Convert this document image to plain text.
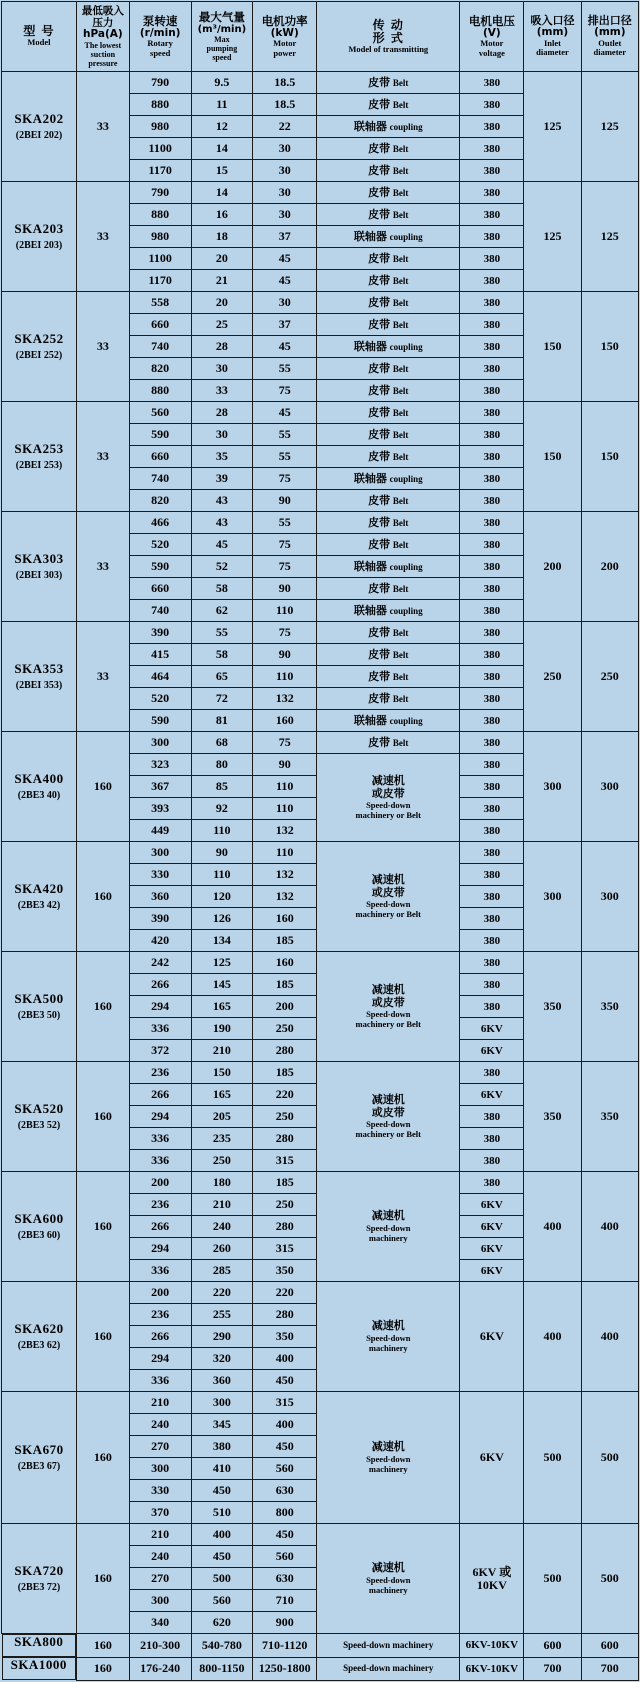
型 号
Model	最低吸入
压力hPa(A)
The lowest
suction
pressure	泵转速
(r/min)
Rotary
speed	最大气量
(m³/min)
Max
pumping
speed	电机功率
(kW)
Motor
power	传 动
形 式
Model of transmitting	电机电压
(V)
Motor
voltage	吸入口径
(mm)
Inlet
diameter	排出口径
(mm)
Outlet
diameter

SKA202
(2BEI 202)	33	790	9.5	18.5	皮带 Belt	380	125	125
		880	11	18.5	皮带 Belt	380		
		980	12	22	联轴器 coupling	380		
		1100	14	30	皮带 Belt	380		
		1170	15	30	皮带 Belt	380		

SKA203
(2BEI 203)	33	790	14	30	皮带 Belt	380	125	125
		880	16	30	皮带 Belt	380		
		980	18	37	联轴器 coupling	380		
		1100	20	45	皮带 Belt	380		
		1170	21	45	皮带 Belt	380		

SKA252
(2BEI 252)	33	558	20	30	皮带 Belt	380	150	150
		660	25	37	皮带 Belt	380		
		740	28	45	联轴器 coupling	380		
		820	30	55	皮带 Belt	380		
		880	33	75	皮带 Belt	380		

SKA253
(2BEI 253)	33	560	28	45	皮带 Belt	380	150	150
		590	30	55	皮带 Belt	380		
		660	35	55	皮带 Belt	380		
		740	39	75	联轴器 coupling	380		
		820	43	90	皮带 Belt	380		

SKA303
(2BEI 303)	33	466	43	55	皮带 Belt	380	200	200
		520	45	75	皮带 Belt	380		
		590	52	75	联轴器 coupling	380		
		660	58	90	皮带 Belt	380		
		740	62	110	联轴器 coupling	380		

SKA353
(2BEI 353)	33	390	55	75	皮带 Belt	380	250	250
		415	58	90	皮带 Belt	380		
		464	65	110	皮带 Belt	380		
		520	72	132	皮带 Belt	380		
		590	81	160	联轴器 coupling	380		

SKA400
(2BE3 40)	160	300	68	75	皮带 Belt	380	300	300
		323	80	90	减速机
或皮带
Speed-down
machinery or Belt	380		
		367	85	110		380		
		393	92	110		380		
		449	110	132		380		

SKA420
(2BE3 42)	160	300	90	110	减速机
或皮带
Speed-down
machinery or Belt	380	300	300
		330	110	132		380		
		360	120	132		380		
		390	126	160		380		
		420	134	185		380		

SKA500
(2BE3 50)	160	242	125	160	减速机
或皮带
Speed-down
machinery or Belt	380	350	350
		266	145	185		380		
		294	165	200		380		
		336	190	250		6KV		
		372	210	280		6KV		

SKA520
(2BE3 52)	160	236	150	185	减速机
或皮带
Speed-down
machinery or Belt	380	350	350
		266	165	220		6KV		
		294	205	250		380		
		336	235	280		380		
		336	250	315		380		

SKA600
(2BE3 60)	160	200	180	185	减速机
Speed-down
machinery	380	400	400
		236	210	250		6KV		
		266	240	280		6KV		
		294	260	315		6KV		
		336	285	350		6KV		

SKA620
(2BE3 62)	160	200	220	220	减速机
Speed-down
machinery	6KV	400	400
		236	255	280				
		266	290	350				
		294	320	400				
		336	360	450				

SKA670
(2BE3 67)	160	210	300	315	减速机
Speed-down
machinery	6KV	500	500
		240	345	400				
		270	380	450				
		300	410	560				
		330	450	630				
		370	510	800				

SKA720
(2BE3 72)	160	210	400	450	减速机
Speed-down
machinery	6KV 或
10KV	500	500
		240	450	560				
		270	500	630				
		300	560	710				
		340	620	900				

SKA800	160	210-300	540-780	710-1120	Speed-down machinery	6KV-10KV	600	600

SKA1000	160	176-240	800-1150	1250-1800	Speed-down machinery	6KV-10KV	700	700
